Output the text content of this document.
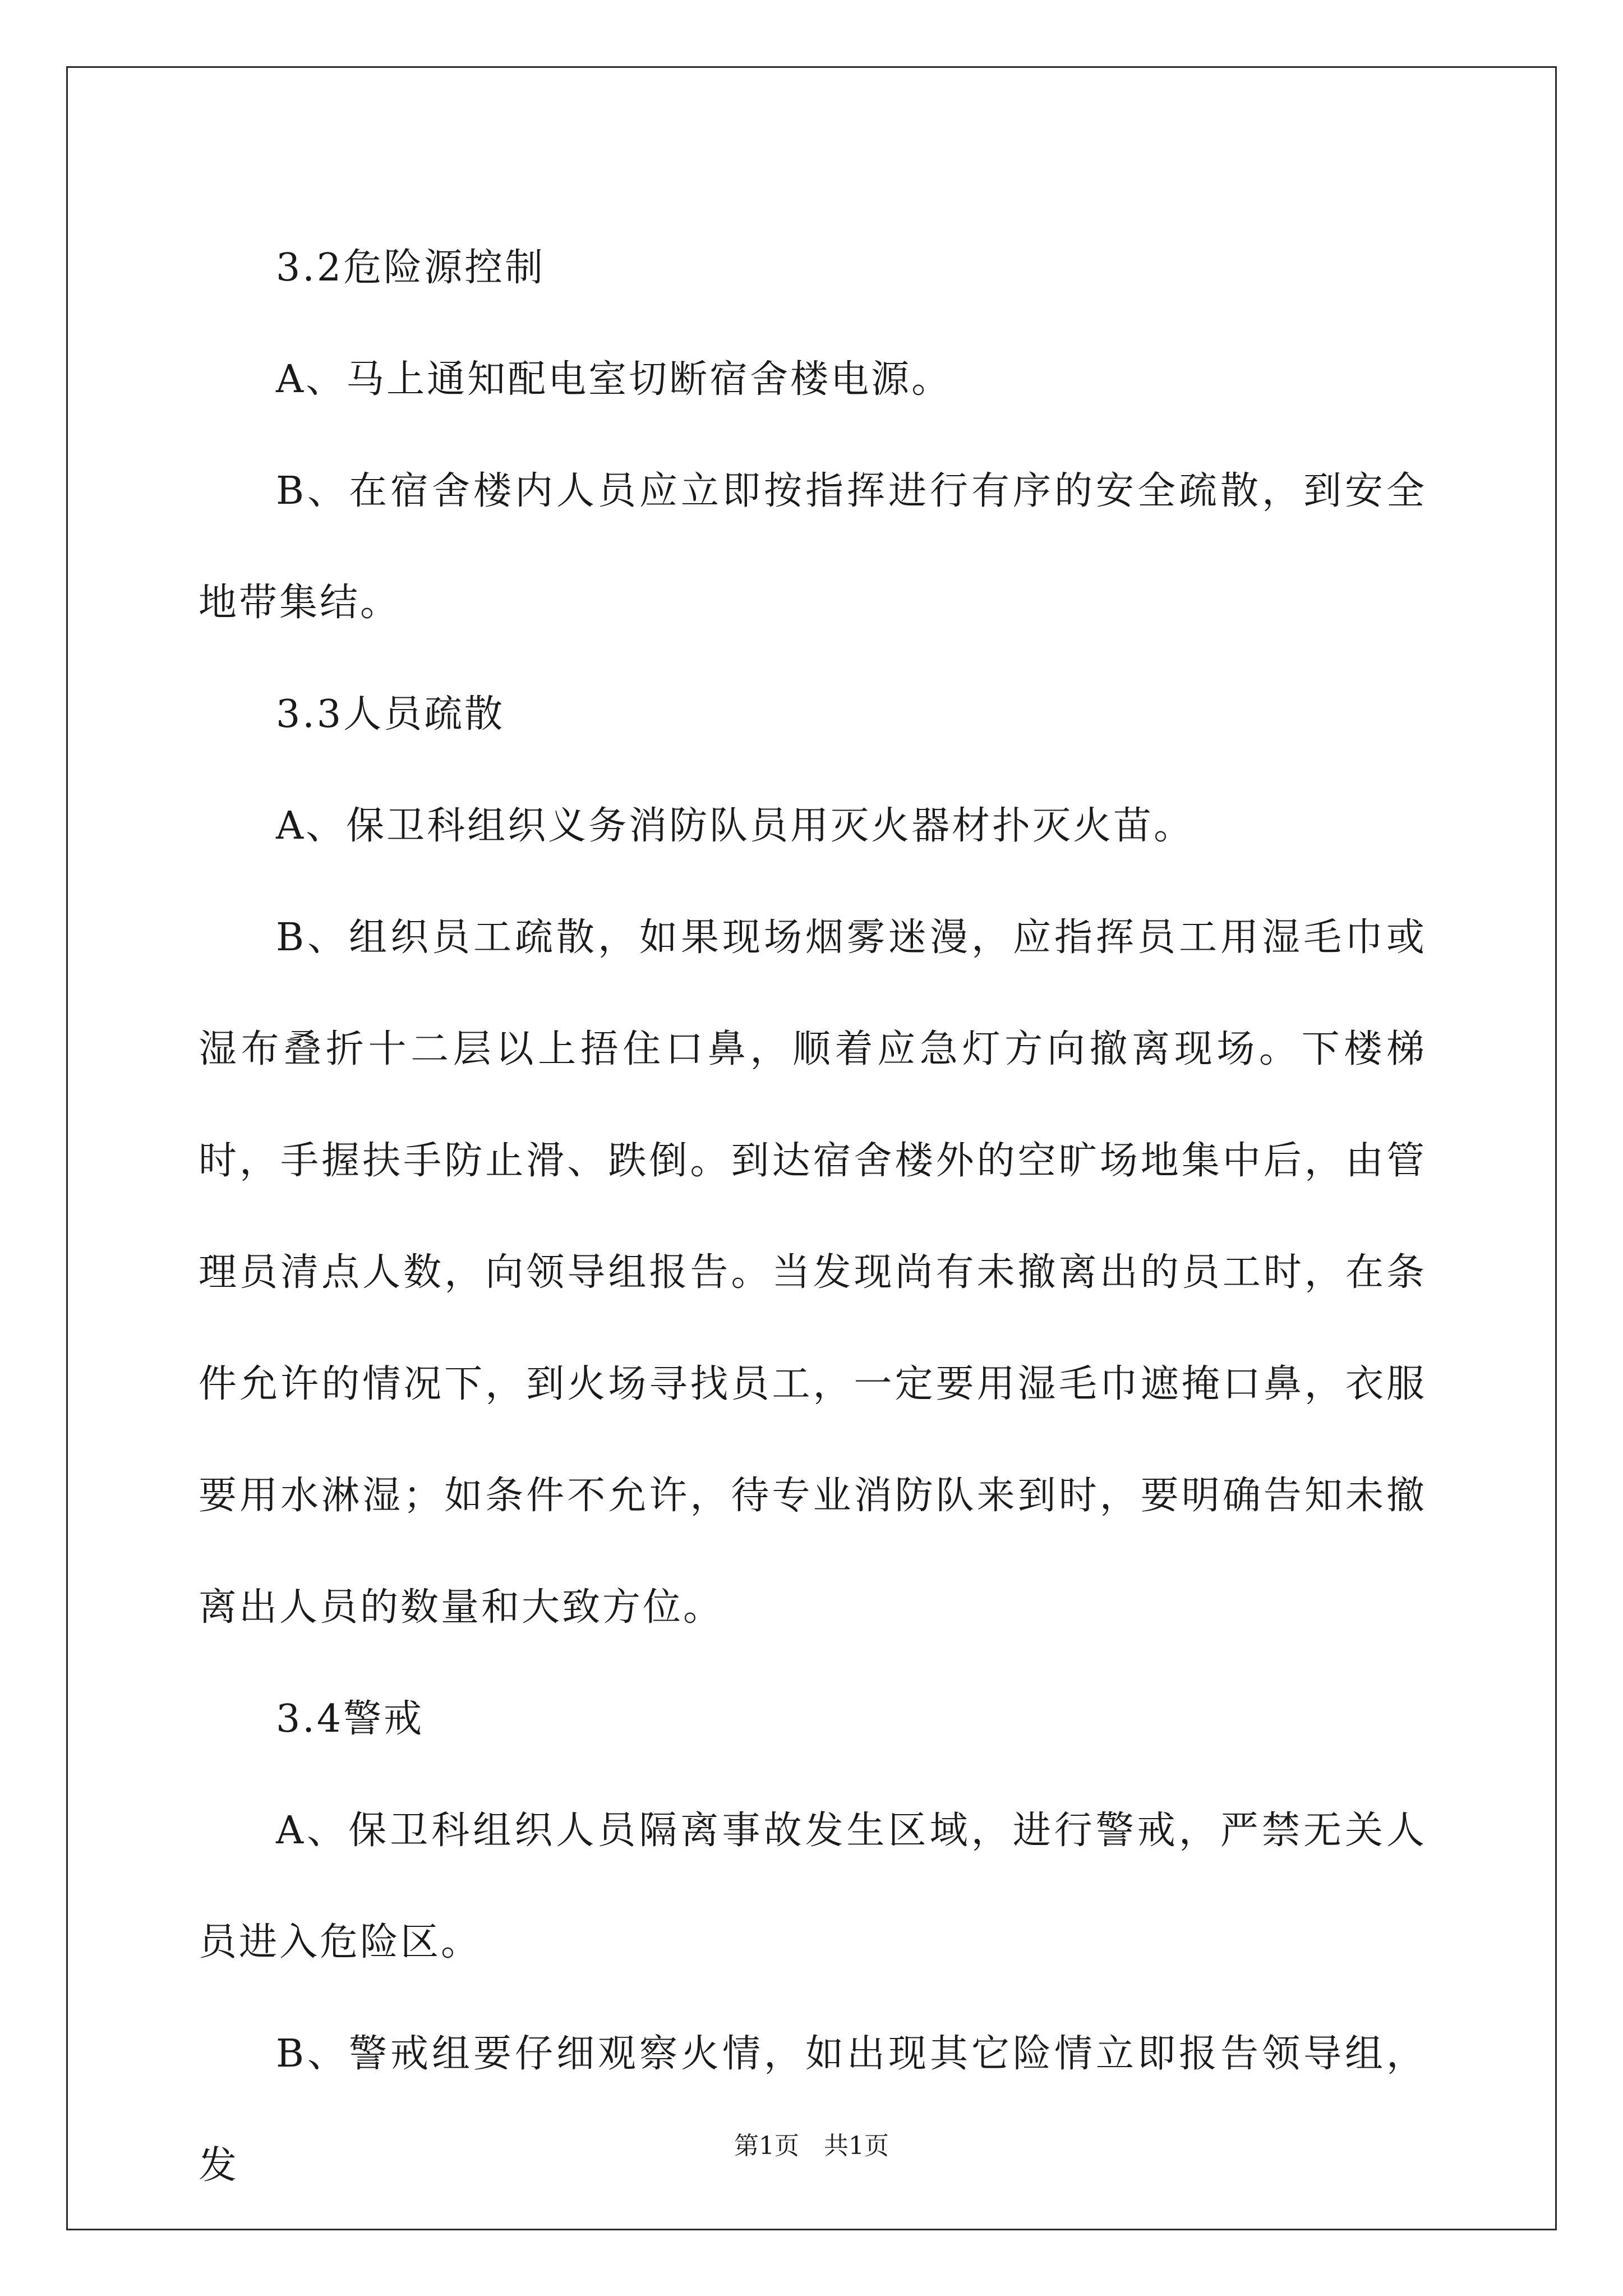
3.2危险源控制

A、马上通知配电室切断宿舍楼电源。

B、在宿舍楼内人员应立即按指挥进行有序的安全疏散，到安全地带集结。

3.3人员疏散

A、保卫科组织义务消防队员用灭火器材扑灭火苗。

B、组织员工疏散，如果现场烟雾迷漫，应指挥员工用湿毛巾或湿布叠折十二层以上捂住口鼻，顺着应急灯方向撤离现场。下楼梯时，手握扶手防止滑、跌倒。到达宿舍楼外的空旷场地集中后，由管理员清点人数，向领导组报告。当发现尚有未撤离出的员工时，在条件允许的情况下，到火场寻找员工，一定要用湿毛巾遮掩口鼻，衣服要用水淋湿；如条件不允许，待专业消防队来到时，要明确告知未撤离出人员的数量和大致方位。

3.4警戒

A、保卫科组织人员隔离事故发生区域，进行警戒，严禁无关人员进入危险区。

B、警戒组要仔细观察火情，如出现其它险情立即报告领导组，发	第1页　共1页
